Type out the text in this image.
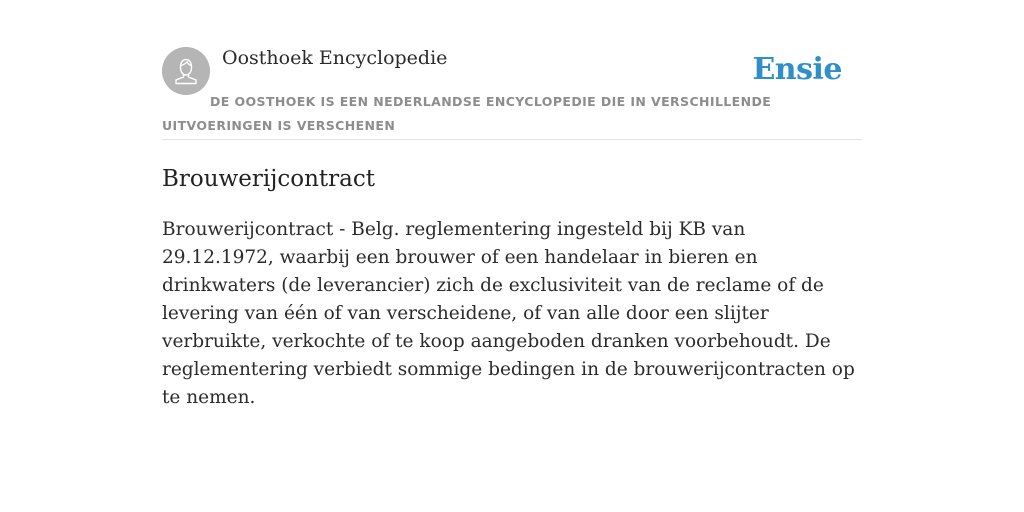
Oosthoek Encyclopedie	Ensie
DE OOSTHOEK IS EEN NEDERLANDSE ENCYCLOPEDIE DIE IN VERSCHILLENDE UITVOERINGEN IS VERSCHENEN
Brouwerijcontract

Brouwerijcontract - Belg. reglementering ingesteld bij KB van 29.12.1972, waarbij een brouwer of een handelaar in bieren en drinkwaters (de leverancier) zich de exclusiviteit van de reclame of de levering van één of van verscheidene, of van alle door een slijter verbruikte, verkochte of te koop aangeboden dranken voorbehoudt. De reglementering verbiedt sommige bedingen in de brouwerijcontracten op te nemen.
